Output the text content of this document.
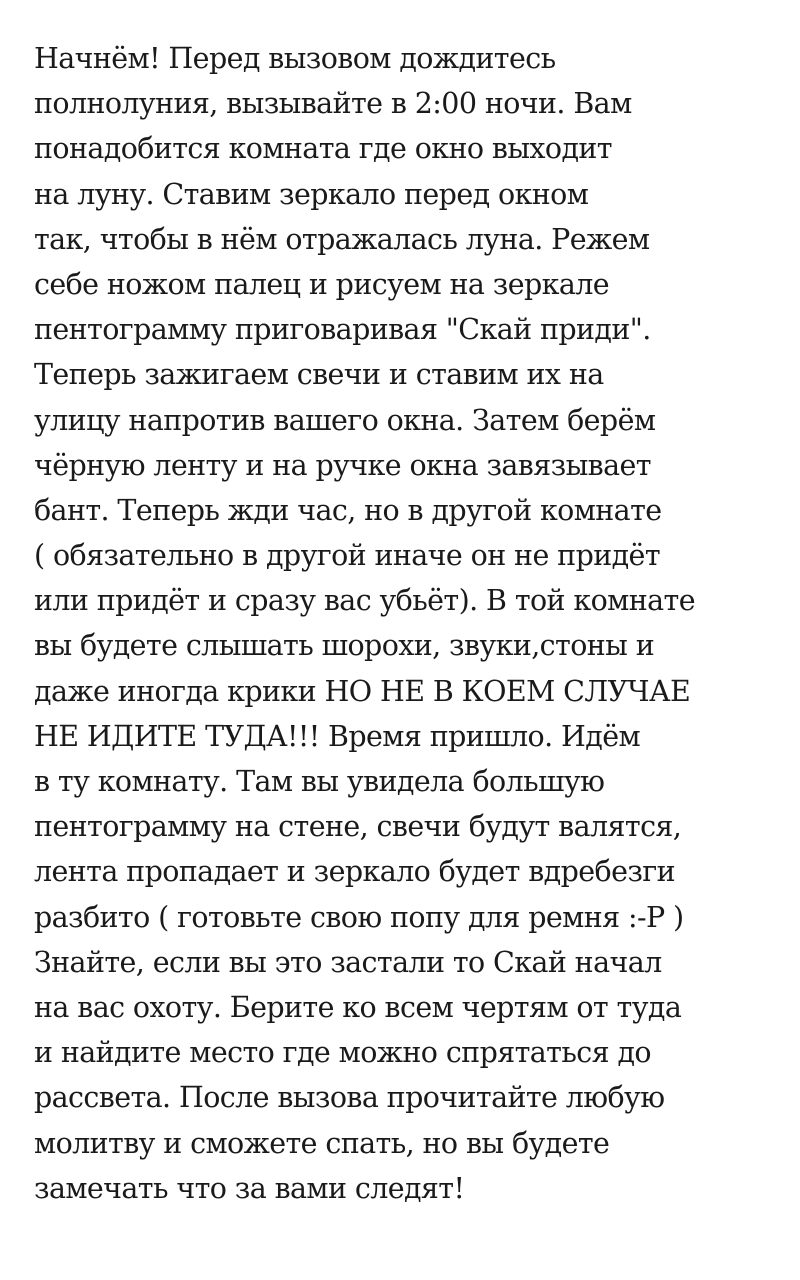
Начнём! Перед вызовом дождитесь
полнолуния, вызывайте в 2:00 ночи. Вам
понадобится комната где окно выходит
на луну. Ставим зеркало перед окном
так, чтобы в нём отражалась луна. Режем
себе ножом палец и рисуем на зеркале
пентограмму приговаривая "Скай приди".
Теперь зажигаем свечи и ставим их на
улицу напротив вашего окна. Затем берём
чёрную ленту и на ручке окна завязывает
бант. Теперь жди час, но в другой комнате
( обязательно в другой иначе он не придёт
или придёт и сразу вас убьёт). В той комнате
вы будете слышать шорохи, звуки,стоны и
даже иногда крики НО НЕ В КОЕМ СЛУЧАЕ
НЕ ИДИТЕ ТУДА!!! Время пришло. Идём
в ту комнату. Там вы увидела большую
пентограмму на стене, свечи будут валятся,
лента пропадает и зеркало будет вдребезги
разбито ( готовьте свою попу для ремня :-Р )
Знайте, если вы это застали то Скай начал
на вас охоту. Берите ко всем чертям от туда
и найдите место где можно спрятаться до
рассвета. После вызова прочитайте любую
молитву и сможете спать, но вы будете
замечать что за вами следят!
